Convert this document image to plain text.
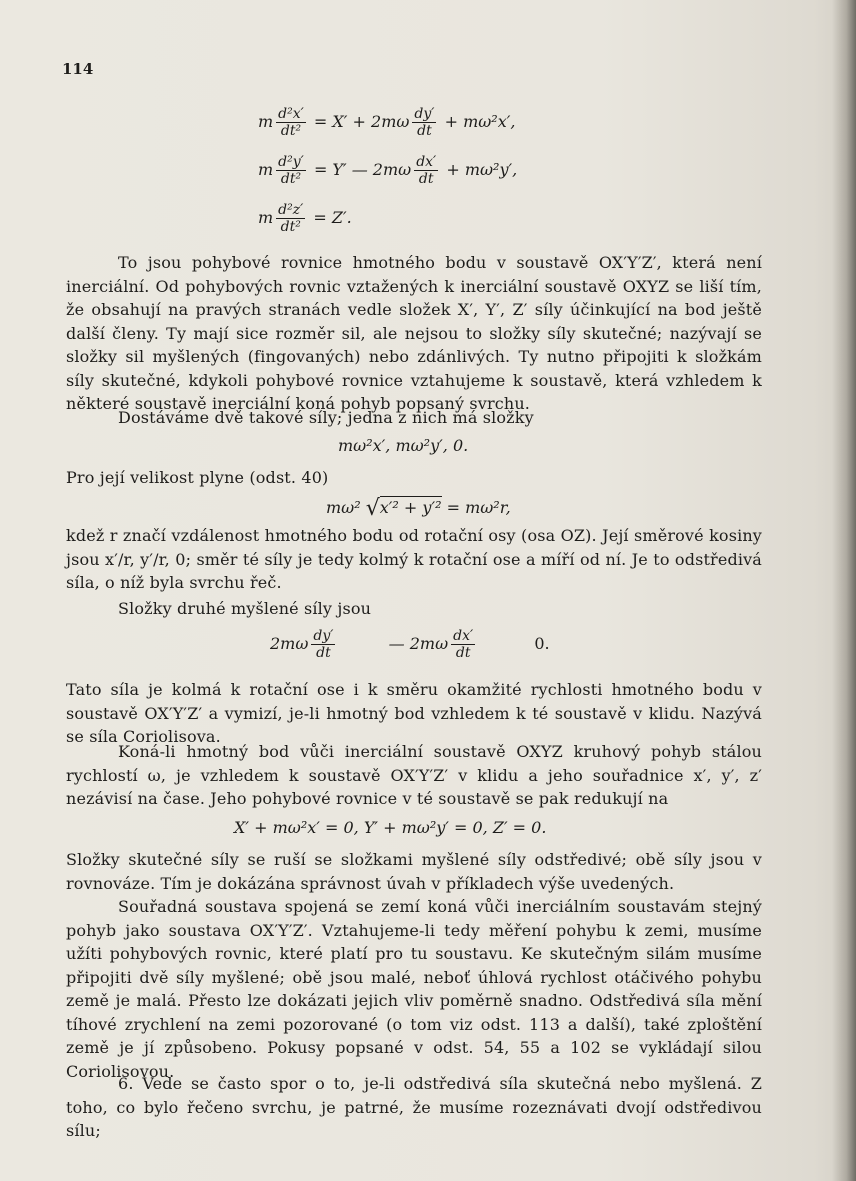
114
m $\frac{\text{d²x′}}{\text{dt²}} = X' + 2m\omega \frac{dy'}{dt} + m\omega^2x'$,
m $\frac{\text{d²y′}}{\text{dt²}} = Y'$ — $2m\omega \frac{dx'}{dt} + m\omega^2y'$,
m $\frac{\text{d²z′}}{\text{dt²}} = Z'$.
To jsou pohybové rovnice hmotného bodu v soustavě OX′Y′Z′, která není inerciální. Od pohybových rovnic vztažených k inerciální soustavě OXYZ se liší tím, že obsahují na pravých stranách vedle složek X′, Y′, Z′ síly účinkující na bod ještě další členy. Ty mají sice rozměr sil, ale nejsou to složky síly skutečné; nazývají se složky sil myšlených (fingovaných) nebo zdánlivých. Ty nutno připojiti k složkám síly skutečné, kdykoli pohybové rovnice vztahujeme k soustavě, která vzhledem k některé soustavě inerciální koná pohyb popsaný svrchu.
Dostáváme dvě takové síly; jednа z nich má složky
mω²x′, mω²y′, 0.
Pro její velikost plyne (odst. 40)
mω² √x′² + y′² = mω²r,
kdež r značí vzdálenost hmotného bodu od rotační osy (osa OZ). Její směrové kosiny jsou x′/r, y′/r, 0; směr té síly je tedy kolmý k rotační ose a míří od ní. Je to odstředivá síla, o níž byla svrchu řeč.
Složky druhé myšlené síly jsou
$2m\omega \frac{dy'}{dt}$	— $2m\omega \frac{dx'}{dt}$	0.
Tato síla je kolmá k rotační ose i k směru okamžité rychlosti hmotného bodu v soustavě OX′Y′Z′ a vymizí, je-li hmotný bod vzhledem k té soustavě v klidu. Nazývá se síla Coriolisova.
Koná-li hmotný bod vůči inerciální soustavě OXYZ kruhový pohyb stálou rychlostí ω, je vzhledem k soustavě OX′Y′Z′ v klidu a jeho souřadnice x′, y′, z′ nezávisí na čase. Jeho pohybové rovnice v té soustavě se pak redukují na
X′ + mω²x′ = 0, Y′ + mω²y′ = 0, Z′ = 0.
Složky skutečné síly se ruší se složkami myšlené síly odstředivé; obě síly jsou v rovnováze. Tím je dokázána správnost úvah v příkladech výše uvedených.
Souřadná soustava spojená se zemí koná vůči inerciálním soustavám stejný pohyb jako soustava OX′Y′Z′. Vztahujeme-li tedy měření pohybu k zemi, musíme užíti pohybových rovnic, které platí pro tu soustavu. Ke skutečným silám musíme připojiti dvě síly myšlené; obě jsou malé, neboť úhlová rychlost otáčivého pohybu země je malá. Přesto lze dokázati jejich vliv poměrně snadno. Odstředivá síla mění tíhové zrychlení na zemi pozorované (o tom viz odst. 113 a další), také zploštění země je jí způsobeno. Pokusy popsané v odst. 54, 55 a 102 se vykládají silou Coriolisovou.
6. Vede se často spor o to, je-li odstředivá síla skutečná nebo myšlená. Z toho, co bylo řečeno svrchu, je patrné, že musíme rozeznávati dvojí odstředivou sílu;
